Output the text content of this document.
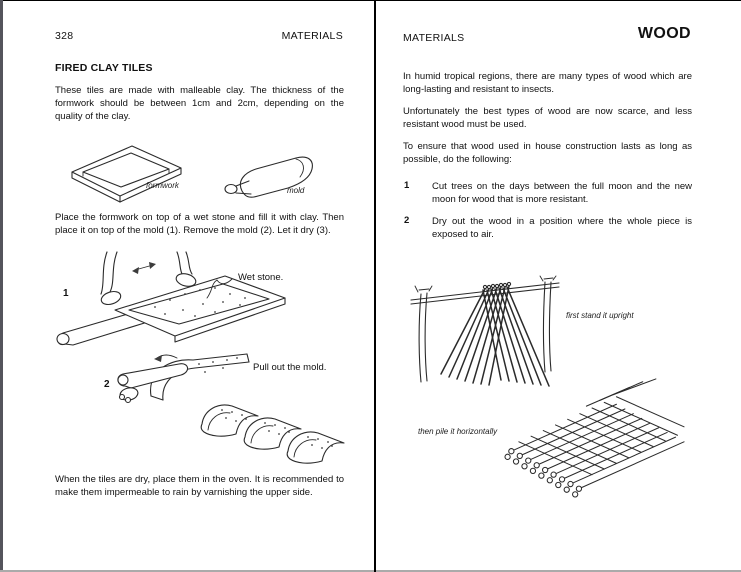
328	MATERIALS
FIRED CLAY TILES
These tiles are made with malleable clay. The thickness of the formwork should be between 1cm and 2cm, depending on the quality of the clay.
formwork
mold
Place the formwork on top of a wet stone and fill it with clay. Then place it on top of the mold (1). Remove the mold (2). Let it dry (3).
1
Wet stone.
2
Pull out the mold.
When the tiles are dry, place them in the oven. It is recommended to make them impermeable to rain by varnishing the upper side.
MATERIALS	WOOD
In humid tropical regions, there are many types of wood which are long-lasting and resistant to insects.
Unfortunately the best types of wood are now scarce, and less resistant wood must be used.
To ensure that wood used in house construction lasts as long as possible, do the following:
1 Cut trees on the days between the full moon and the new moon for wood that is more resistant.
2 Dry out the wood in a position where the whole piece is exposed to air.
first stand it upright
then pile it horizontally
